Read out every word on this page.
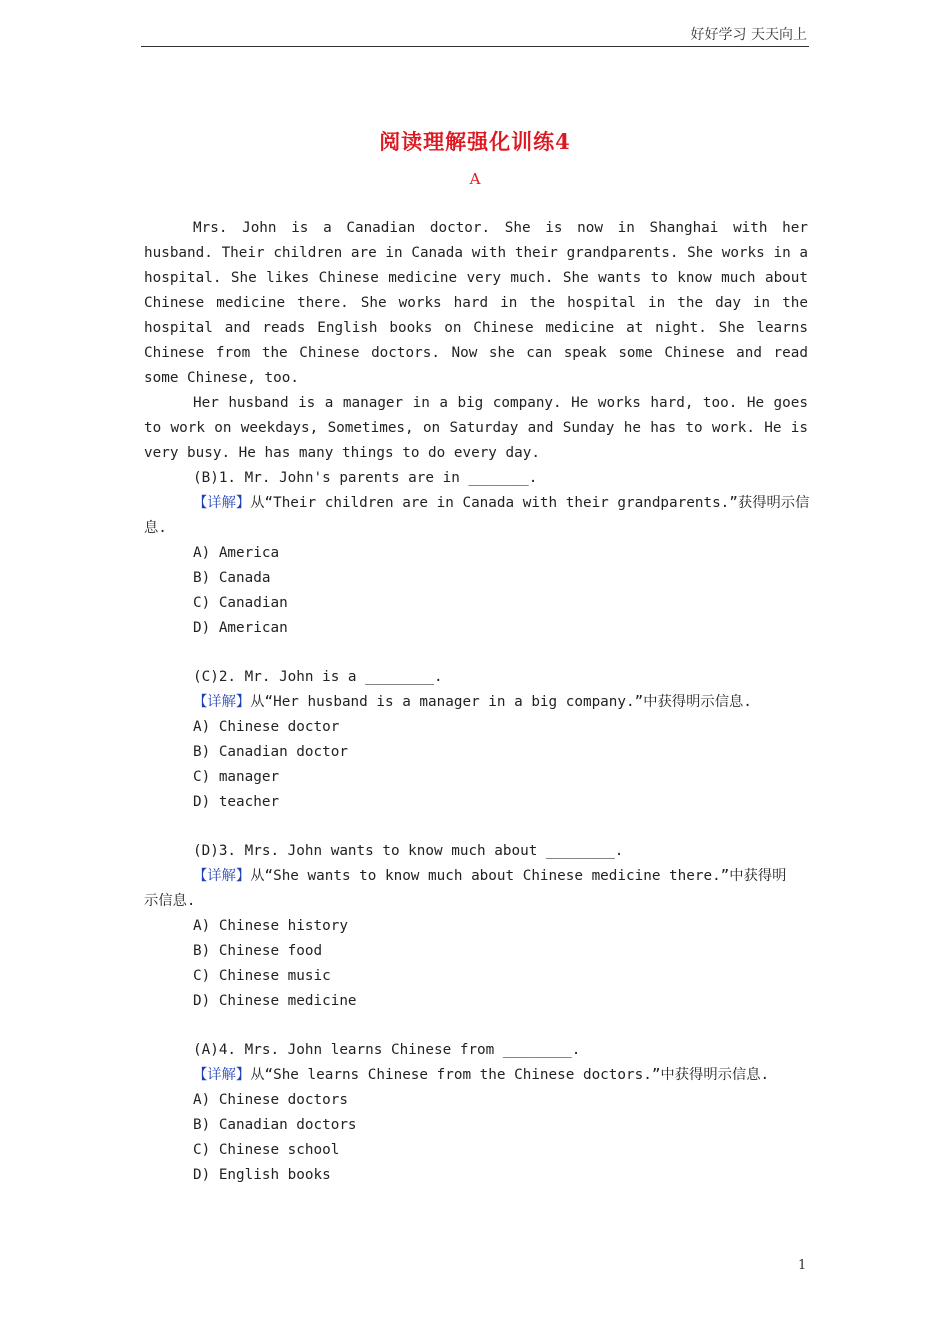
好好学习 天天向上
阅读理解强化训练4
A

Mrs. John is a Canadian doctor. She is now in Shanghai with her husband. Their children are in Canada with their grandparents. She works in a hospital. She likes Chinese medicine very much. She wants to know much about Chinese medicine there. She works hard in the hospital in the day in the hospital and reads English books on Chinese medicine at night. She learns Chinese from the Chinese doctors. Now she can speak some Chinese and read some Chinese, too.

Her husband is a manager in a big company. He works hard, too. He goes to work on weekdays, Sometimes, on Saturday and Sunday he has to work. He is very busy. He has many things to do every day.

(B)1. Mr. John's parents are in _______.
【详解】从“Their children are in Canada with their grandparents.”获得明示信
息.
A) America
B) Canada
C) Canadian
D) American
(C)2. Mr. John is a ________.
【详解】从“Her husband is a manager in a big company.”中获得明示信息.
A) Chinese doctor
B) Canadian doctor
C) manager
D) teacher
(D)3. Mrs. John wants to know much about ________.
【详解】从“She wants to know much about Chinese medicine there.”中获得明
示信息.
A) Chinese history
B) Chinese food
C) Chinese music
D) Chinese medicine
(A)4. Mrs. John learns Chinese from ________.
【详解】从“She learns Chinese from the Chinese doctors.”中获得明示信息.
A) Chinese doctors
B) Canadian doctors
C) Chinese school
D) English books
1
